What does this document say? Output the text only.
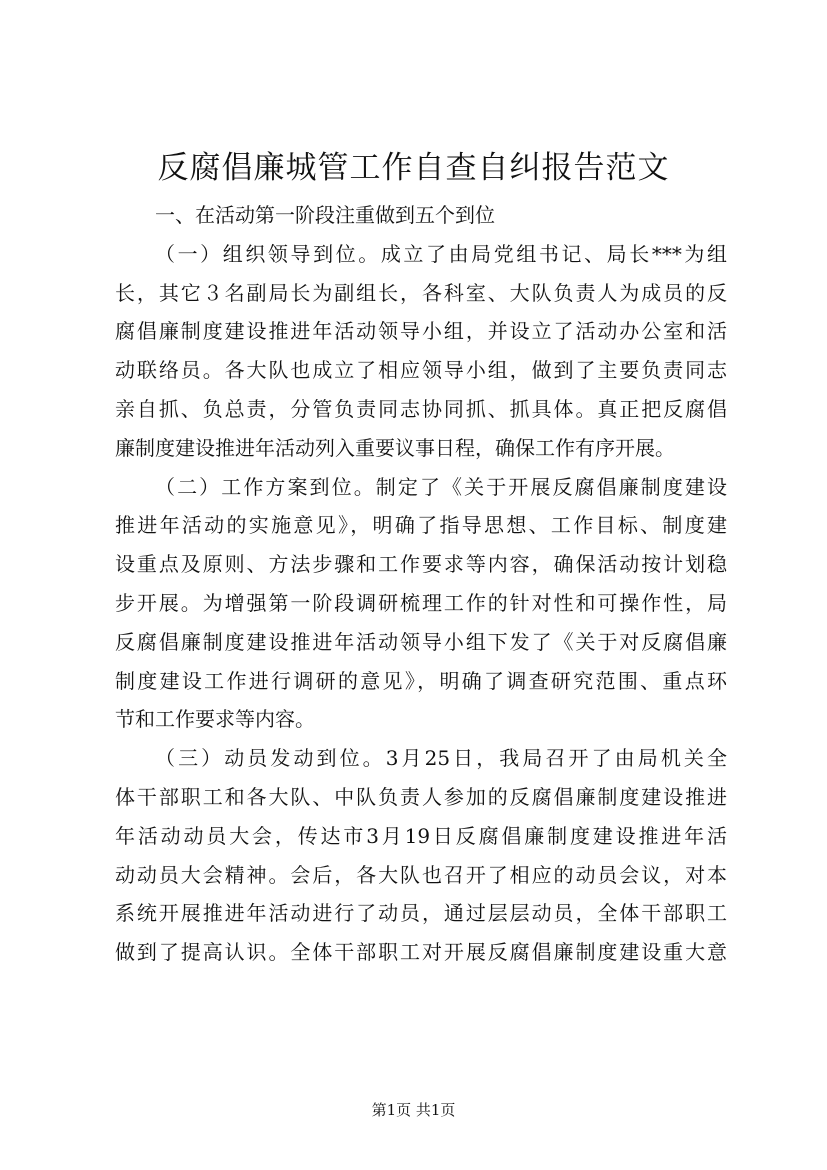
反腐倡廉城管工作自查自纠报告范文
一、在活动第一阶段注重做到五个到位
（一）组织领导到位。成立了由局党组书记、局长***为组
长，其它３名副局长为副组长，各科室、大队负责人为成员的反
腐倡廉制度建设推进年活动领导小组，并设立了活动办公室和活
动联络员。各大队也成立了相应领导小组，做到了主要负责同志
亲自抓、负总责，分管负责同志协同抓、抓具体。真正把反腐倡
廉制度建设推进年活动列入重要议事日程，确保工作有序开展。
（二）工作方案到位。制定了《关于开展反腐倡廉制度建设
推进年活动的实施意见》，明确了指导思想、工作目标、制度建
设重点及原则、方法步骤和工作要求等内容，确保活动按计划稳
步开展。为增强第一阶段调研梳理工作的针对性和可操作性，局
反腐倡廉制度建设推进年活动领导小组下发了《关于对反腐倡廉
制度建设工作进行调研的意见》，明确了调查研究范围、重点环
节和工作要求等内容。
（三）动员发动到位。3月25日，我局召开了由局机关全
体干部职工和各大队、中队负责人参加的反腐倡廉制度建设推进
年活动动员大会，传达市3月19日反腐倡廉制度建设推进年活
动动员大会精神。会后，各大队也召开了相应的动员会议，对本
系统开展推进年活动进行了动员，通过层层动员，全体干部职工
做到了提高认识。全体干部职工对开展反腐倡廉制度建设重大意
第1页 共1页
